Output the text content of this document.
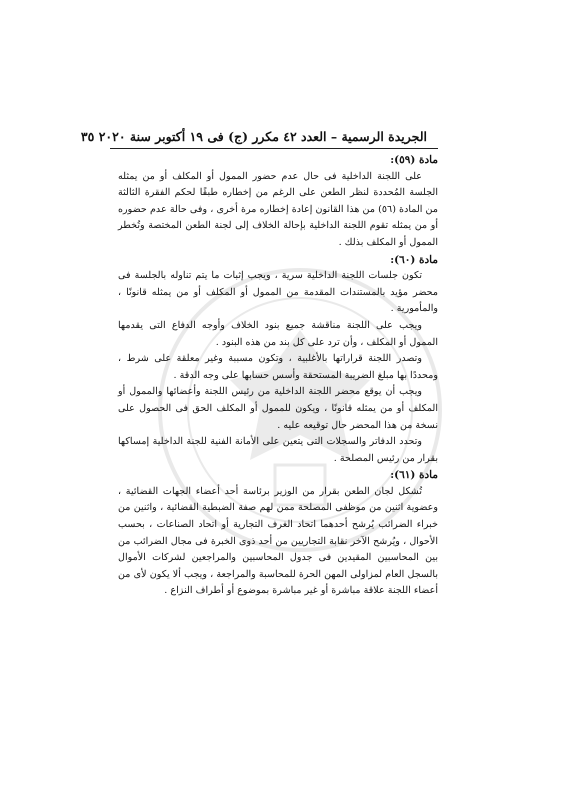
الجريدة الرسمية – العدد ٤٢ مكرر (ج) فى ١٩ أكتوبر سنة ٢٠٢٠ ٣٥

مادة (٥٩):

على اللجنة الداخلية فى حال عدم حضور الممول أو المكلف أو من يمثله الجلسة المُحددة لنظر الطعن على الرغم من إخطاره طبقًا لحكم الفقرة الثالثة من المادة (٥٦) من هذا القانون إعادة إخطاره مرة أخرى ، وفى حالة عدم حضوره أو من يمثله تقوم اللجنة الداخلية بإحالة الخلاف إلى لجنة الطعن المختصة وتُخطر الممول أو المكلف بذلك .

مادة (٦٠):

تكون جلسات اللجنة الداخلية سرية ، ويجب إثبات ما يتم تناوله بالجلسة فى محضر مؤيد بالمستندات المقدمة من الممول أو المكلف أو من يمثله قانونًا ، والمأمورية .

ويجب على اللجنة مناقشة جميع بنود الخلاف وأوجه الدفاع التى يقدمها الممول أو المكلف ، وأن ترد على كل بند من هذه البنود .

وتصدر اللجنة قراراتها بالأغلبية ، وتكون مسببة وغير معلقة على شرط ، ومحددًا بها مبلغ الضريبة المستحقة وأسس حسابها على وجه الدقة .

ويجب أن يوقع محضر اللجنة الداخلية من رئيس اللجنة وأعضائها والممول أو المكلف أو من يمثله قانونًا ، ويكون للممول أو المكلف الحق فى الحصول على نسخة من هذا المحضر حال توقيعه عليه .

وتحدد الدفاتر والسجلات التى يتعين على الأمانة الفنية للجنة الداخلية إمساكها بقرار من رئيس المصلحة .

مادة (٦١):

تُشكل لجان الطعن بقرار من الوزير برئاسة أحد أعضاء الجهات القضائية ، وعضوية اثنين من موظفى المصلحة ممن لهم صفة الضبطية القضائية ، واثنين من خبراء الضرائب يُرشح أحدهما اتحاد الغرف التجارية أو اتحاد الصناعات ، بحسب الأحوال ، ويُرشح الآخر نقابة التجاريين من أحد ذوى الخبرة فى مجال الضرائب من بين المحاسبين المقيدين فى جدول المحاسبين والمراجعين لشركات الأموال بالسجل العام لمزاولى المهن الحرة للمحاسبة والمراجعة ، ويجب ألا يكون لأى من أعضاء اللجنة علاقة مباشرة أو غير مباشرة بموضوع أو أطراف النزاع .
